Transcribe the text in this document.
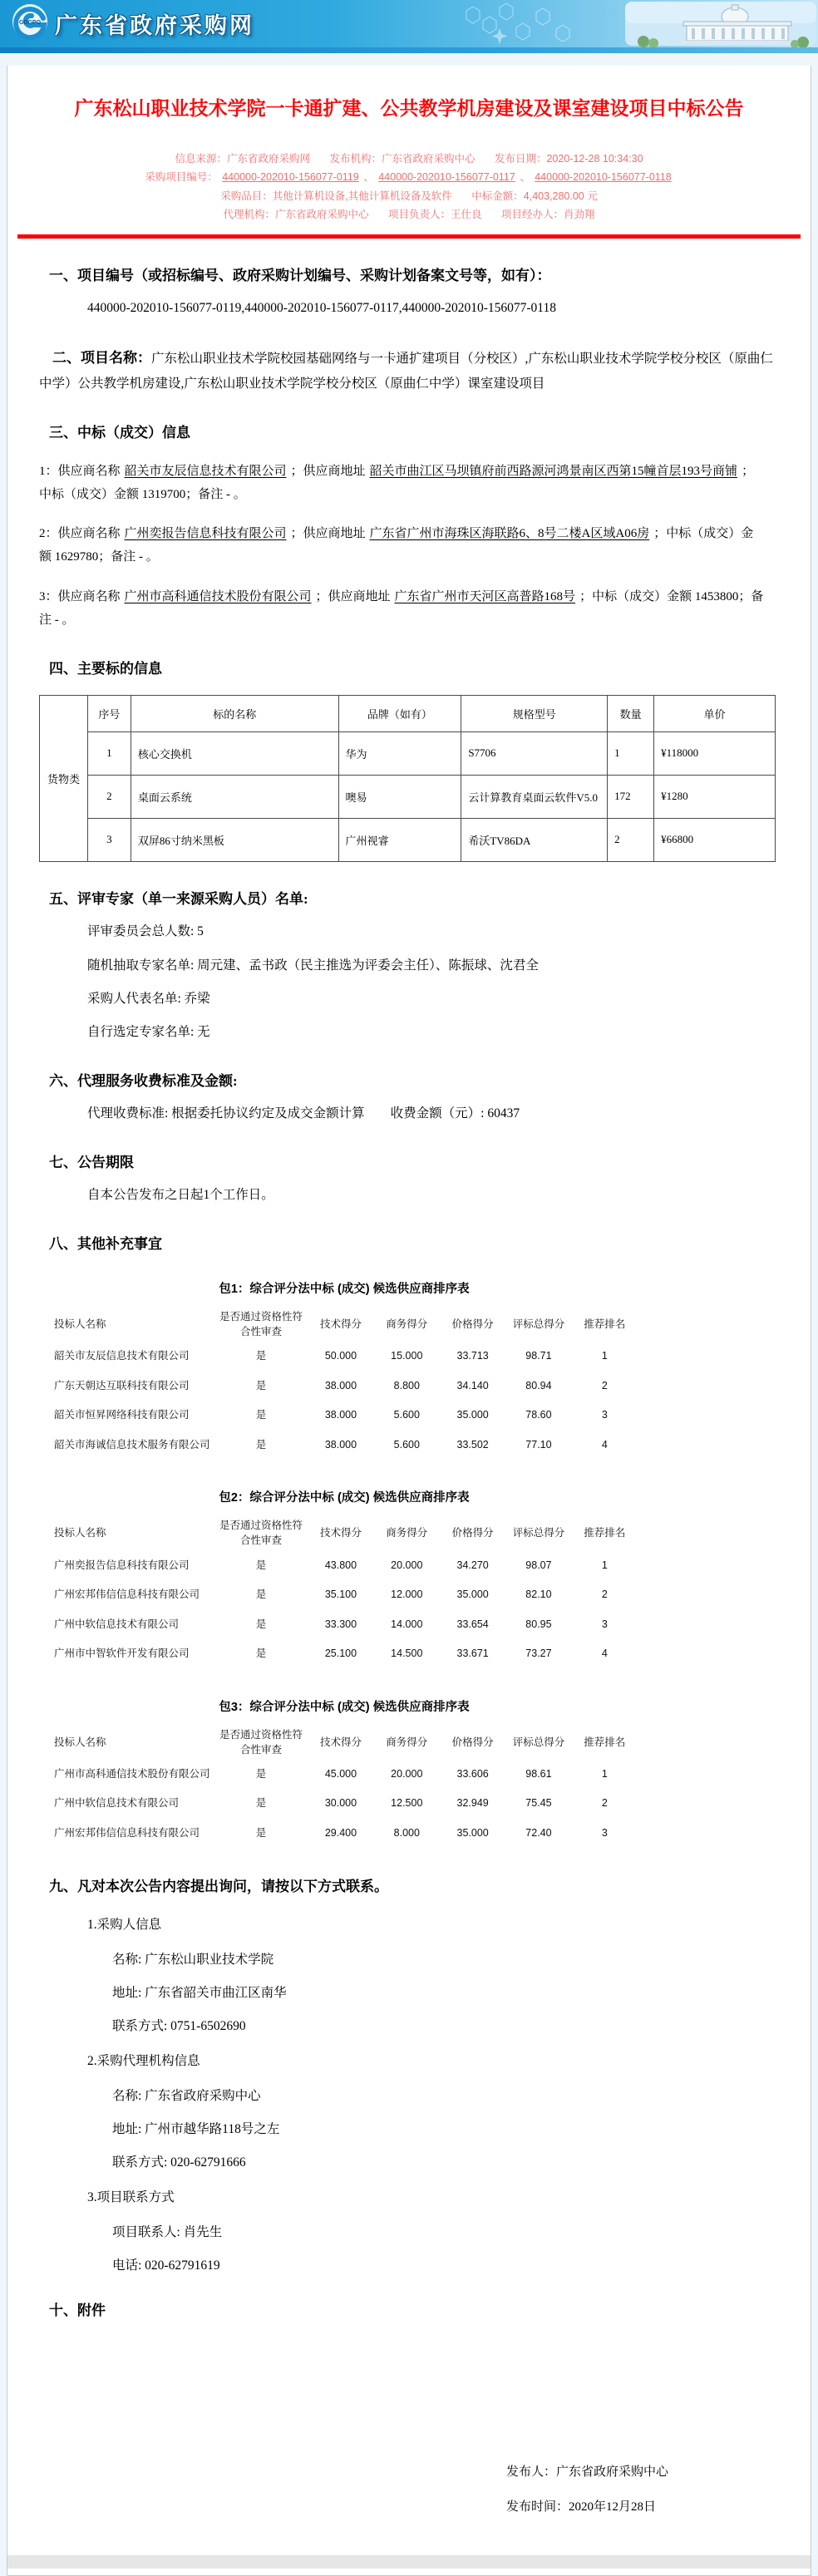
GDGPO 广东省政府采购网
广东松山职业技术学院一卡通扩建、公共教学机房建设及课室建设项目中标公告
信息来源：广东省政府采购网 发布机构：广东省政府采购中心 发布日期：2020-12-28 10:34:30
采购项目编号： 440000-202010-156077-0119 、 440000-202010-156077-0117 、 440000-202010-156077-0118 采购品目：其他计算机设备,其他计算机设备及软件 中标金额：4,403,280.00 元
代理机构：广东省政府采购中心 项目负责人：王仕良 项目经办人：肖劲翔
一、项目编号（或招标编号、政府采购计划编号、采购计划备案文号等，如有）：
440000-202010-156077-0119,440000-202010-156077-0117,440000-202010-156077-0118

二、项目名称：广东松山职业技术学院校园基础网络与一卡通扩建项目（分校区）,广东松山职业技术学院学校分校区（原曲仁中学）公共教学机房建设,广东松山职业技术学院学校分校区（原曲仁中学）课室建设项目

三、中标（成交）信息

1：供应商名称 韶关市友辰信息技术有限公司 ；供应商地址 韶关市曲江区马坝镇府前西路源河鸿景南区西第15幢首层193号商铺 ；中标（成交）金额 1319700；备注 - 。

2：供应商名称 广州奕报告信息科技有限公司 ；供应商地址 广东省广州市海珠区海联路6、8号二楼A区域A06房 ；中标（成交）金额 1629780；备注 - 。

3：供应商名称 广州市高科通信技术股份有限公司 ；供应商地址 广东省广州市天河区高普路168号 ；中标（成交）金额 1453800；备注 - 。

四、主要标的信息
货物类	序号	标的名称	品牌（如有）	规格型号	数量	单价
	1	核心交换机	华为	S7706	1	¥118000
	2	桌面云系统	噢易	云计算教育桌面云软件V5.0	172	¥1280
	3	双屏86寸纳米黑板	广州视睿	希沃TV86DA	2	¥66800
五、评审专家（单一来源采购人员）名单:
评审委员会总人数: 5
随机抽取专家名单: 周元建、孟书政（民主推选为评委会主任）、陈振球、沈君全
采购人代表名单: 乔梁
自行选定专家名单: 无
六、代理服务收费标准及金额:
代理收费标准: 根据委托协议约定及成交金额计算　　收费金额（元）: 60437
七、公告期限
自本公告发布之日起1个工作日。
八、其他补充事宜
包1：综合评分法中标 (成交) 候选供应商排序表
投标人名称	是否通过资格性符合性审查	技术得分	商务得分	价格得分	评标总得分	推荐排名
韶关市友辰信息技术有限公司	是	50.000	15.000	33.713	98.71	1
广东天朝达互联科技有限公司	是	38.000	8.800	34.140	80.94	2
韶关市恒昇网络科技有限公司	是	38.000	5.600	35.000	78.60	3
韶关市海诚信息技术服务有限公司	是	38.000	5.600	33.502	77.10	4
包2：综合评分法中标 (成交) 候选供应商排序表
投标人名称	是否通过资格性符合性审查	技术得分	商务得分	价格得分	评标总得分	推荐排名
广州奕报告信息科技有限公司	是	43.800	20.000	34.270	98.07	1
广州宏邦伟信信息科技有限公司	是	35.100	12.000	35.000	82.10	2
广州中软信息技术有限公司	是	33.300	14.000	33.654	80.95	3
广州市中智软件开发有限公司	是	25.100	14.500	33.671	73.27	4
包3：综合评分法中标 (成交) 候选供应商排序表
投标人名称	是否通过资格性符合性审查	技术得分	商务得分	价格得分	评标总得分	推荐排名
广州市高科通信技术股份有限公司	是	45.000	20.000	33.606	98.61	1
广州中软信息技术有限公司	是	30.000	12.500	32.949	75.45	2
广州宏邦伟信信息科技有限公司	是	29.400	8.000	35.000	72.40	3
九、凡对本次公告内容提出询问，请按以下方式联系。
1.采购人信息
名称: 广东松山职业技术学院
地址: 广东省韶关市曲江区南华
联系方式: 0751-6502690
2.采购代理机构信息
名称: 广东省政府采购中心
地址: 广州市越华路118号之左
联系方式: 020-62791666
3.项目联系方式
项目联系人: 肖先生
电话: 020-62791619
十、附件
发布人：广东省政府采购中心
发布时间：2020年12月28日
